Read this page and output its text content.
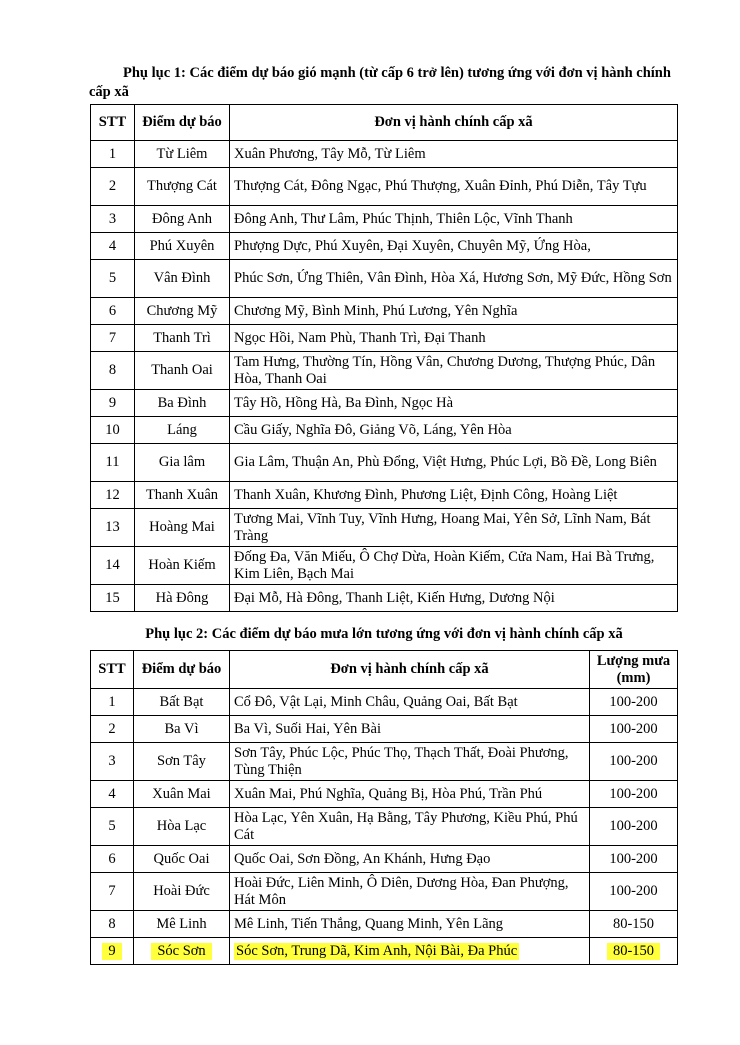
Phụ lục 1: Các điểm dự báo gió mạnh (từ cấp 6 trở lên) tương ứng với đơn vị hành chính cấp xã
STT	Điểm dự báo	Đơn vị hành chính cấp xã
1	Từ Liêm	Xuân Phương, Tây Mỗ, Từ Liêm
2	Thượng Cát	Thượng Cát, Đông Ngạc, Phú Thượng, Xuân Đỉnh, Phú Diễn, Tây Tựu
3	Đông Anh	Đông Anh, Thư Lâm, Phúc Thịnh, Thiên Lộc, Vĩnh Thanh
4	Phú Xuyên	Phượng Dực, Phú Xuyên, Đại Xuyên, Chuyên Mỹ, Ứng Hòa,
5	Vân Đình	Phúc Sơn, Ứng Thiên, Vân Đình, Hòa Xá, Hương Sơn, Mỹ Đức, Hồng Sơn
6	Chương Mỹ	Chương Mỹ, Bình Minh, Phú Lương, Yên Nghĩa
7	Thanh Trì	Ngọc Hồi, Nam Phù, Thanh Trì, Đại Thanh
8	Thanh Oai	Tam Hưng, Thường Tín, Hồng Vân, Chương Dương, Thượng Phúc, Dân Hòa, Thanh Oai
9	Ba Đình	Tây Hồ, Hồng Hà, Ba Đình, Ngọc Hà
10	Láng	Cầu Giấy, Nghĩa Đô, Giảng Võ, Láng, Yên Hòa
11	Gia lâm	Gia Lâm, Thuận An, Phù Đổng, Việt Hưng, Phúc Lợi, Bồ Đề, Long Biên
12	Thanh Xuân	Thanh Xuân, Khương Đình, Phương Liệt, Định Công, Hoàng Liệt
13	Hoàng Mai	Tương Mai, Vĩnh Tuy, Vĩnh Hưng, Hoang Mai, Yên Sở, Lĩnh Nam, Bát Tràng
14	Hoàn Kiếm	Đống Đa, Văn Miếu, Ô Chợ Dừa, Hoàn Kiếm, Cửa Nam, Hai Bà Trưng, Kim Liên, Bạch Mai
15	Hà Đông	Đại Mỗ, Hà Đông, Thanh Liệt, Kiến Hưng, Dương Nội
Phụ lục 2: Các điểm dự báo mưa lớn tương ứng với đơn vị hành chính cấp xã
STT	Điểm dự báo	Đơn vị hành chính cấp xã	Lượng mưa (mm)
1	Bất Bạt	Cổ Đô, Vật Lại, Minh Châu, Quảng Oai, Bất Bạt	100-200
2	Ba Vì	Ba Vì, Suối Hai, Yên Bài	100-200
3	Sơn Tây	Sơn Tây, Phúc Lộc, Phúc Thọ, Thạch Thất, Đoài Phương, Tùng Thiện	100-200
4	Xuân Mai	Xuân Mai, Phú Nghĩa, Quảng Bị, Hòa Phú, Trần Phú	100-200
5	Hòa Lạc	Hòa Lạc, Yên Xuân, Hạ Bằng, Tây Phương, Kiều Phú, Phú Cát	100-200
6	Quốc Oai	Quốc Oai, Sơn Đồng, An Khánh, Hưng Đạo	100-200
7	Hoài Đức	Hoài Đức, Liên Minh, Ô Diên, Dương Hòa, Đan Phượng, Hát Môn	100-200
8	Mê Linh	Mê Linh, Tiến Thắng, Quang Minh, Yên Lãng	80-150
9	Sóc Sơn	Sóc Sơn, Trung Dã, Kim Anh, Nội Bài, Đa Phúc	80-150
